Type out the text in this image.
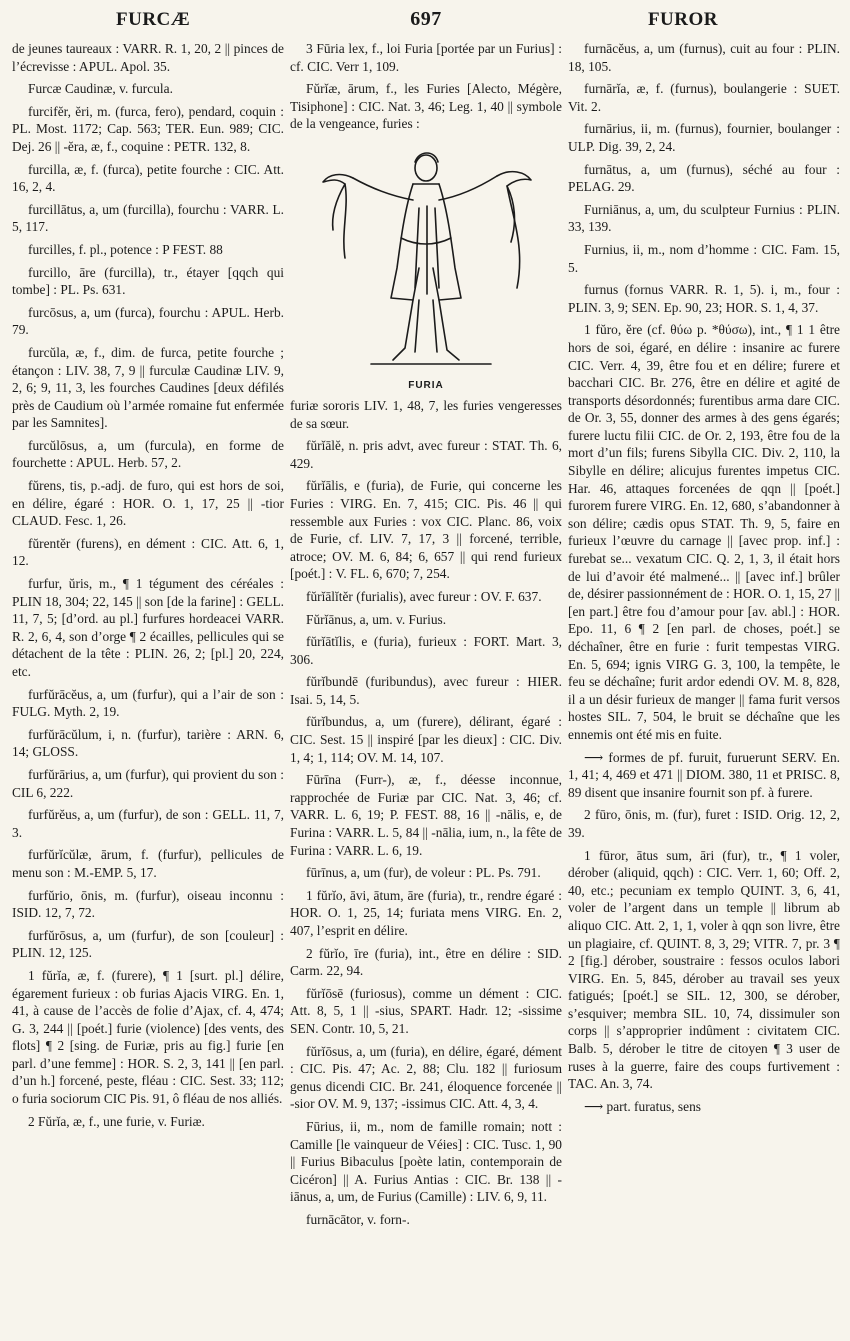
FURCÆ	697	FUROR

de jeunes taureaux : VARR. R. 1, 20, 2 || pinces de l’écrevisse : APUL. Apol. 35.

Furcæ Caudinæ, v. furcula.

furcifĕr, ĕri, m. (furca, fero), pendard, coquin : PL. Most. 1172; Cap. 563; TER. Eun. 989; CIC. Dej. 26 || -ĕra, æ, f., coquine : PETR. 132, 8.

furcilla, æ, f. (furca), petite fourche : CIC. Att. 16, 2, 4.

furcillātus, a, um (furcilla), fourchu : VARR. L. 5, 117.

furcilles, f. pl., potence : P FEST. 88

furcillo, āre (furcilla), tr., étayer [qqch qui tombe] : PL. Ps. 631.

furcōsus, a, um (furca), fourchu : APUL. Herb. 79.

furcŭla, æ, f., dim. de furca, petite fourche ; étançon : LIV. 38, 7, 9 || furculæ Caudinæ LIV. 9, 2, 6; 9, 11, 3, les fourches Caudines [deux défilés près de Caudium où l’armée romaine fut enfermée par les Samnites].

furcŭlōsus, a, um (furcula), en forme de fourchette : APUL. Herb. 57, 2.

fŭrens, tis, p.-adj. de furo, qui est hors de soi, en délire, égaré : HOR. O. 1, 17, 25 || -tior CLAUD. Fesc. 1, 26.

fŭrentĕr (furens), en dément : CIC. Att. 6, 1, 12.

furfur, ŭris, m., ¶ 1 tégument des céréales : PLIN 18, 304; 22, 145 || son [de la farine] : GELL. 11, 7, 5; [d’ord. au pl.] furfures hordeacei VARR. R. 2, 6, 4, son d’orge ¶ 2 écailles, pellicules qui se détachent de la tête : PLIN. 26, 2; [pl.] 20, 224, etc.

furfŭrācĕus, a, um (furfur), qui a l’air de son : FULG. Myth. 2, 19.

furfŭrācŭlum, i, n. (furfur), tarière : ARN. 6, 14; GLOSS.

furfŭrārius, a, um (furfur), qui provient du son : CIL 6, 222.

furfŭrĕus, a, um (furfur), de son : GELL. 11, 7, 3.

furfŭrĭcŭlæ, ārum, f. (furfur), pellicules de menu son : M.-EMP. 5, 17.

furfŭrio, ōnis, m. (furfur), oiseau inconnu : ISID. 12, 7, 72.

furfŭrōsus, a, um (furfur), de son [couleur] : PLIN. 12, 125.

1 fŭrĭa, æ, f. (furere), ¶ 1 [surt. pl.] délire, égarement furieux : ob furias Ajacis VIRG. En. 1, 41, à cause de l’accès de folie d’Ajax, cf. 4, 474; G. 3, 244 || [poét.] furie (violence) [des vents, des flots] ¶ 2 [sing. de Furiæ, pris au fig.] furie [en parl. d’une femme] : HOR. S. 2, 3, 141 || [en parl. d’un h.] forcené, peste, fléau : CIC. Sest. 33; 112; o furia sociorum CIC Pis. 91, ô fléau de nos alliés.

2 Fŭrĭa, æ, f., une furie, v. Furiæ.

3 Fūria lex, f., loi Furia [portée par un Furius] : cf. CIC. Verr 1, 109.

Fŭrĭæ, ārum, f., les Furies [Alecto, Mégère, Tisiphone] : CIC. Nat. 3, 46; Leg. 1, 40 || symbole de la vengeance, furies :

FURIA

furiæ sororis LIV. 1, 48, 7, les furies vengeresses de sa sœur.

fŭrĭālĕ, n. pris advt, avec fureur : STAT. Th. 6, 429.

fŭrĭālis, e (furia), de Furie, qui concerne les Furies : VIRG. En. 7, 415; CIC. Pis. 46 || qui ressemble aux Furies : vox CIC. Planc. 86, voix de Furie, cf. LIV. 7, 17, 3 || forcené, terrible, atroce; OV. M. 6, 84; 6, 657 || qui rend furieux [poét.] : V. FL. 6, 670; 7, 254.

fŭrĭālĭtĕr (furialis), avec fureur : OV. F. 637.

Fŭrĭānus, a, um. v. Furius.

fŭrĭātĭlis, e (furia), furieux : FORT. Mart. 3, 306.

fŭrĭbundē (furibundus), avec fureur : HIER. Isai. 5, 14, 5.

fŭrĭbundus, a, um (furere), délirant, égaré : CIC. Sest. 15 || inspiré [par les dieux] : CIC. Div. 1, 4; 1, 114; OV. M. 14, 107.

Fūrīna (Furr-), æ, f., déesse inconnue, rapprochée de Furiæ par CIC. Nat. 3, 46; cf. VARR. L. 6, 19; P. FEST. 88, 16 || -nālis, e, de Furina : VARR. L. 5, 84 || -nālia, ium, n., la fête de Furina : VARR. L. 6, 19.

fūrīnus, a, um (fur), de voleur : PL. Ps. 791.

1 fŭrĭo, āvi, ātum, āre (furia), tr., rendre égaré : HOR. O. 1, 25, 14; furiata mens VIRG. En. 2, 407, l’esprit en délire.

2 fŭrĭo, īre (furia), int., être en délire : SID. Carm. 22, 94.

fŭrĭōsē (furiosus), comme un dément : CIC. Att. 8, 5, 1 || -sius, SPART. Hadr. 12; -sissime SEN. Contr. 10, 5, 21.

fŭrĭōsus, a, um (furia), en délire, égaré, dément : CIC. Pis. 47; Ac. 2, 88; Clu. 182 || furiosum genus dicendi CIC. Br. 241, éloquence forcenée || -sior OV. M. 9, 137; -issimus CIC. Att. 4, 3, 4.

Fūrius, ii, m., nom de famille romain; nott : Camille [le vainqueur de Véies] : CIC. Tusc. 1, 90 || Furius Bibaculus [poète latin, contemporain de Cicéron] || A. Furius Antias : CIC. Br. 138 || -iānus, a, um, de Furius (Camille) : LIV. 6, 9, 11.

furnācātor, v. forn-.

furnācĕus, a, um (furnus), cuit au four : PLIN. 18, 105.

furnārĭa, æ, f. (furnus), boulangerie : SUET. Vit. 2.

furnārius, ii, m. (furnus), fournier, boulanger : ULP. Dig. 39, 2, 24.

furnātus, a, um (furnus), séché au four : PELAG. 29.

Furniānus, a, um, du sculpteur Furnius : PLIN. 33, 139.

Furnius, ii, m., nom d’homme : CIC. Fam. 15, 5.

furnus (fornus VARR. R. 1, 5). i, m., four : PLIN. 3, 9; SEN. Ep. 90, 23; HOR. S. 1, 4, 37.

1 fŭro, ĕre (cf. θύω p. *θύσω), int., ¶ 1 1 être hors de soi, égaré, en délire : insanire ac furere CIC. Verr. 4, 39, être fou et en délire; furere et bacchari CIC. Br. 276, être en délire et agité de transports désordonnés; furentibus arma dare CIC. de Or. 3, 55, donner des armes à des gens égarés; furere luctu filii CIC. de Or. 2, 193, être fou de la mort d’un fils; furens Sibylla CIC. Div. 2, 110, la Sibylle en délire; alicujus furentes impetus CIC. Har. 46, attaques forcenées de qqn || [poét.] furorem furere VIRG. En. 12, 680, s’abandonner à son délire; cædis opus STAT. Th. 9, 5, faire en furieux l’œuvre du carnage || [avec prop. inf.] : furebat se... vexatum CIC. Q. 2, 1, 3, il était hors de lui d’avoir été malmené... || [avec inf.] brûler de, désirer passionnément de : HOR. O. 1, 15, 27 || [en part.] être fou d’amour pour [av. abl.] : HOR. Epo. 11, 6 ¶ 2 [en parl. de choses, poét.] se déchaîner, être en furie : furit tempestas VIRG. En. 5, 694; ignis VIRG G. 3, 100, la tempête, le feu se déchaîne; furit ardor edendi OV. M. 8, 828, il a un désir furieux de manger || fama furit versos hostes SIL. 7, 504, le bruit se déchaîne que les ennemis ont été mis en fuite.

⟶ formes de pf. furuit, furuerunt SERV. En. 1, 41; 4, 469 et 471 || DIOM. 380, 11 et PRISC. 8, 89 disent que insanire fournit son pf. à furere.

2 fūro, ōnis, m. (fur), furet : ISID. Orig. 12, 2, 39.

1 fūror, ātus sum, āri (fur), tr., ¶ 1 voler, dérober (aliquid, qqch) : CIC. Verr. 1, 60; Off. 2, 40, etc.; pecuniam ex templo QUINT. 3, 6, 41, voler de l’argent dans un temple || librum ab aliquo CIC. Att. 2, 1, 1, voler à qqn son livre, être un plagiaire, cf. QUINT. 8, 3, 29; VITR. 7, pr. 3 ¶ 2 [fig.] dérober, soustraire : fessos oculos labori VIRG. En. 5, 845, dérober au travail ses yeux fatigués; [poét.] se SIL. 12, 300, se dérober, s’esquiver; membra SIL. 10, 74, dissimuler son corps || s’approprier indûment : civitatem CIC. Balb. 5, dérober le titre de citoyen ¶ 3 user de ruses à la guerre, faire des coups furtivement : TAC. An. 3, 74.

⟶ part. furatus, sens
